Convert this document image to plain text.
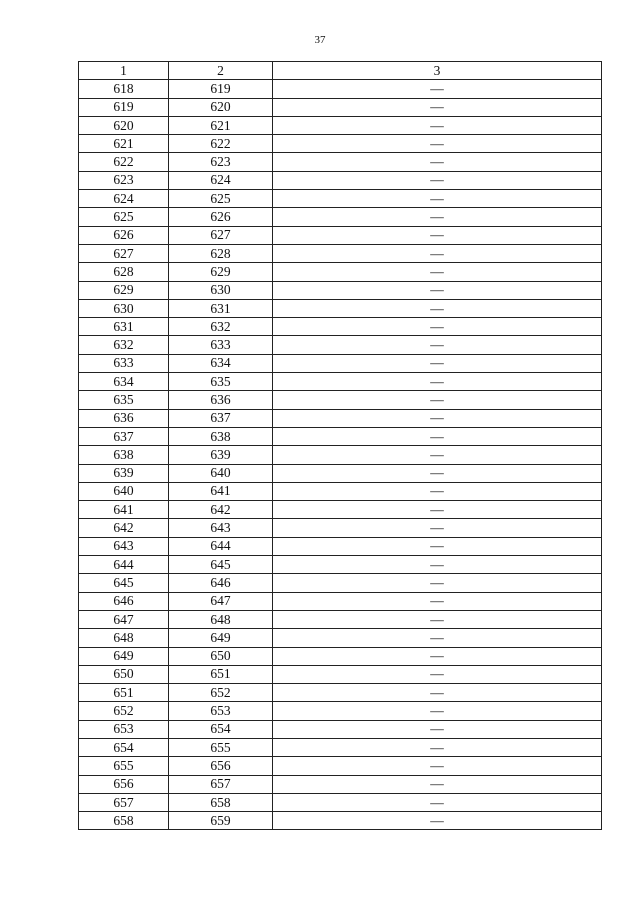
37
1	2	3
618	619	—
619	620	—
620	621	—
621	622	—
622	623	—
623	624	—
624	625	—
625	626	—
626	627	—
627	628	—
628	629	—
629	630	—
630	631	—
631	632	—
632	633	—
633	634	—
634	635	—
635	636	—
636	637	—
637	638	—
638	639	—
639	640	—
640	641	—
641	642	—
642	643	—
643	644	—
644	645	—
645	646	—
646	647	—
647	648	—
648	649	—
649	650	—
650	651	—
651	652	—
652	653	—
653	654	—
654	655	—
655	656	—
656	657	—
657	658	—
658	659	—
